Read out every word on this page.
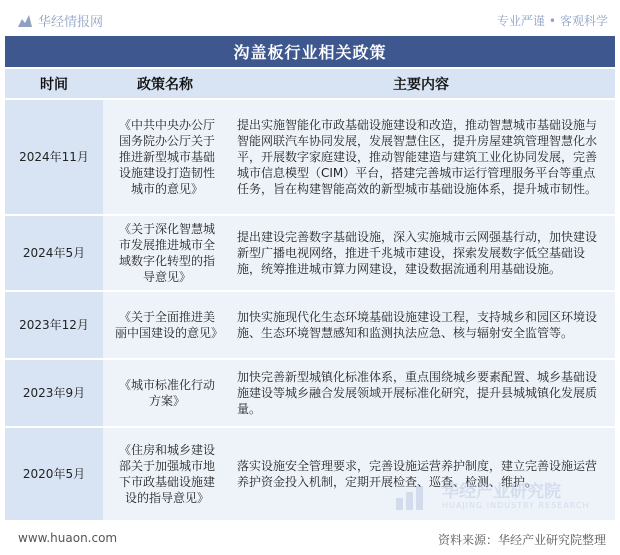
华经情报网	专业严谨 • 客观科学
沟盖板行业相关政策
时间	政策名称	主要内容
2024年11月	《中共中央办公厅国务院办公厅关于推进新型城市基础设施建设打造韧性城市的意见》	提出实施智能化市政基础设施建设和改造，推动智慧城市基础设施与智能网联汽车协同发展，发展智慧住区，提升房屋建筑管理智慧化水平，开展数字家庭建设，推动智能建造与建筑工业化协同发展，完善城市信息模型（CIM）平台，搭建完善城市运行管理服务平台等重点任务，旨在构建智能高效的新型城市基础设施体系，提升城市韧性。
2024年5月	《关于深化智慧城市发展推进城市全域数字化转型的指导意见》	提出建设完善数字基础设施，深入实施城市云网强基行动，加快建设新型广播电视网络，推进千兆城市建设，探索发展数字低空基础设施，统筹推进城市算力网建设，建设数据流通利用基础设施。
2023年12月	《关于全面推进美丽中国建设的意见》	加快实施现代化生态环境基础设施建设工程，支持城乡和园区环境设施、生态环境智慧感知和监测执法应急、核与辐射安全监管等。
2023年9月	《城市标准化行动方案》	加快完善新型城镇化标准体系，重点围绕城乡要素配置、城乡基础设施建设等城乡融合发展领域开展标准化研究，提升县城城镇化发展质量。
2020年5月	《住房和城乡建设部关于加强城市地下市政基础设施建设的指导意见》	落实设施安全管理要求，完善设施运营养护制度，建立完善设施运营养护资金投入机制，定期开展检查、巡查、检测、维护。
华经产业研究院
HUAJING INDUSTRY RESEARCH
www.huaon.com	资料来源：华经产业研究院整理
